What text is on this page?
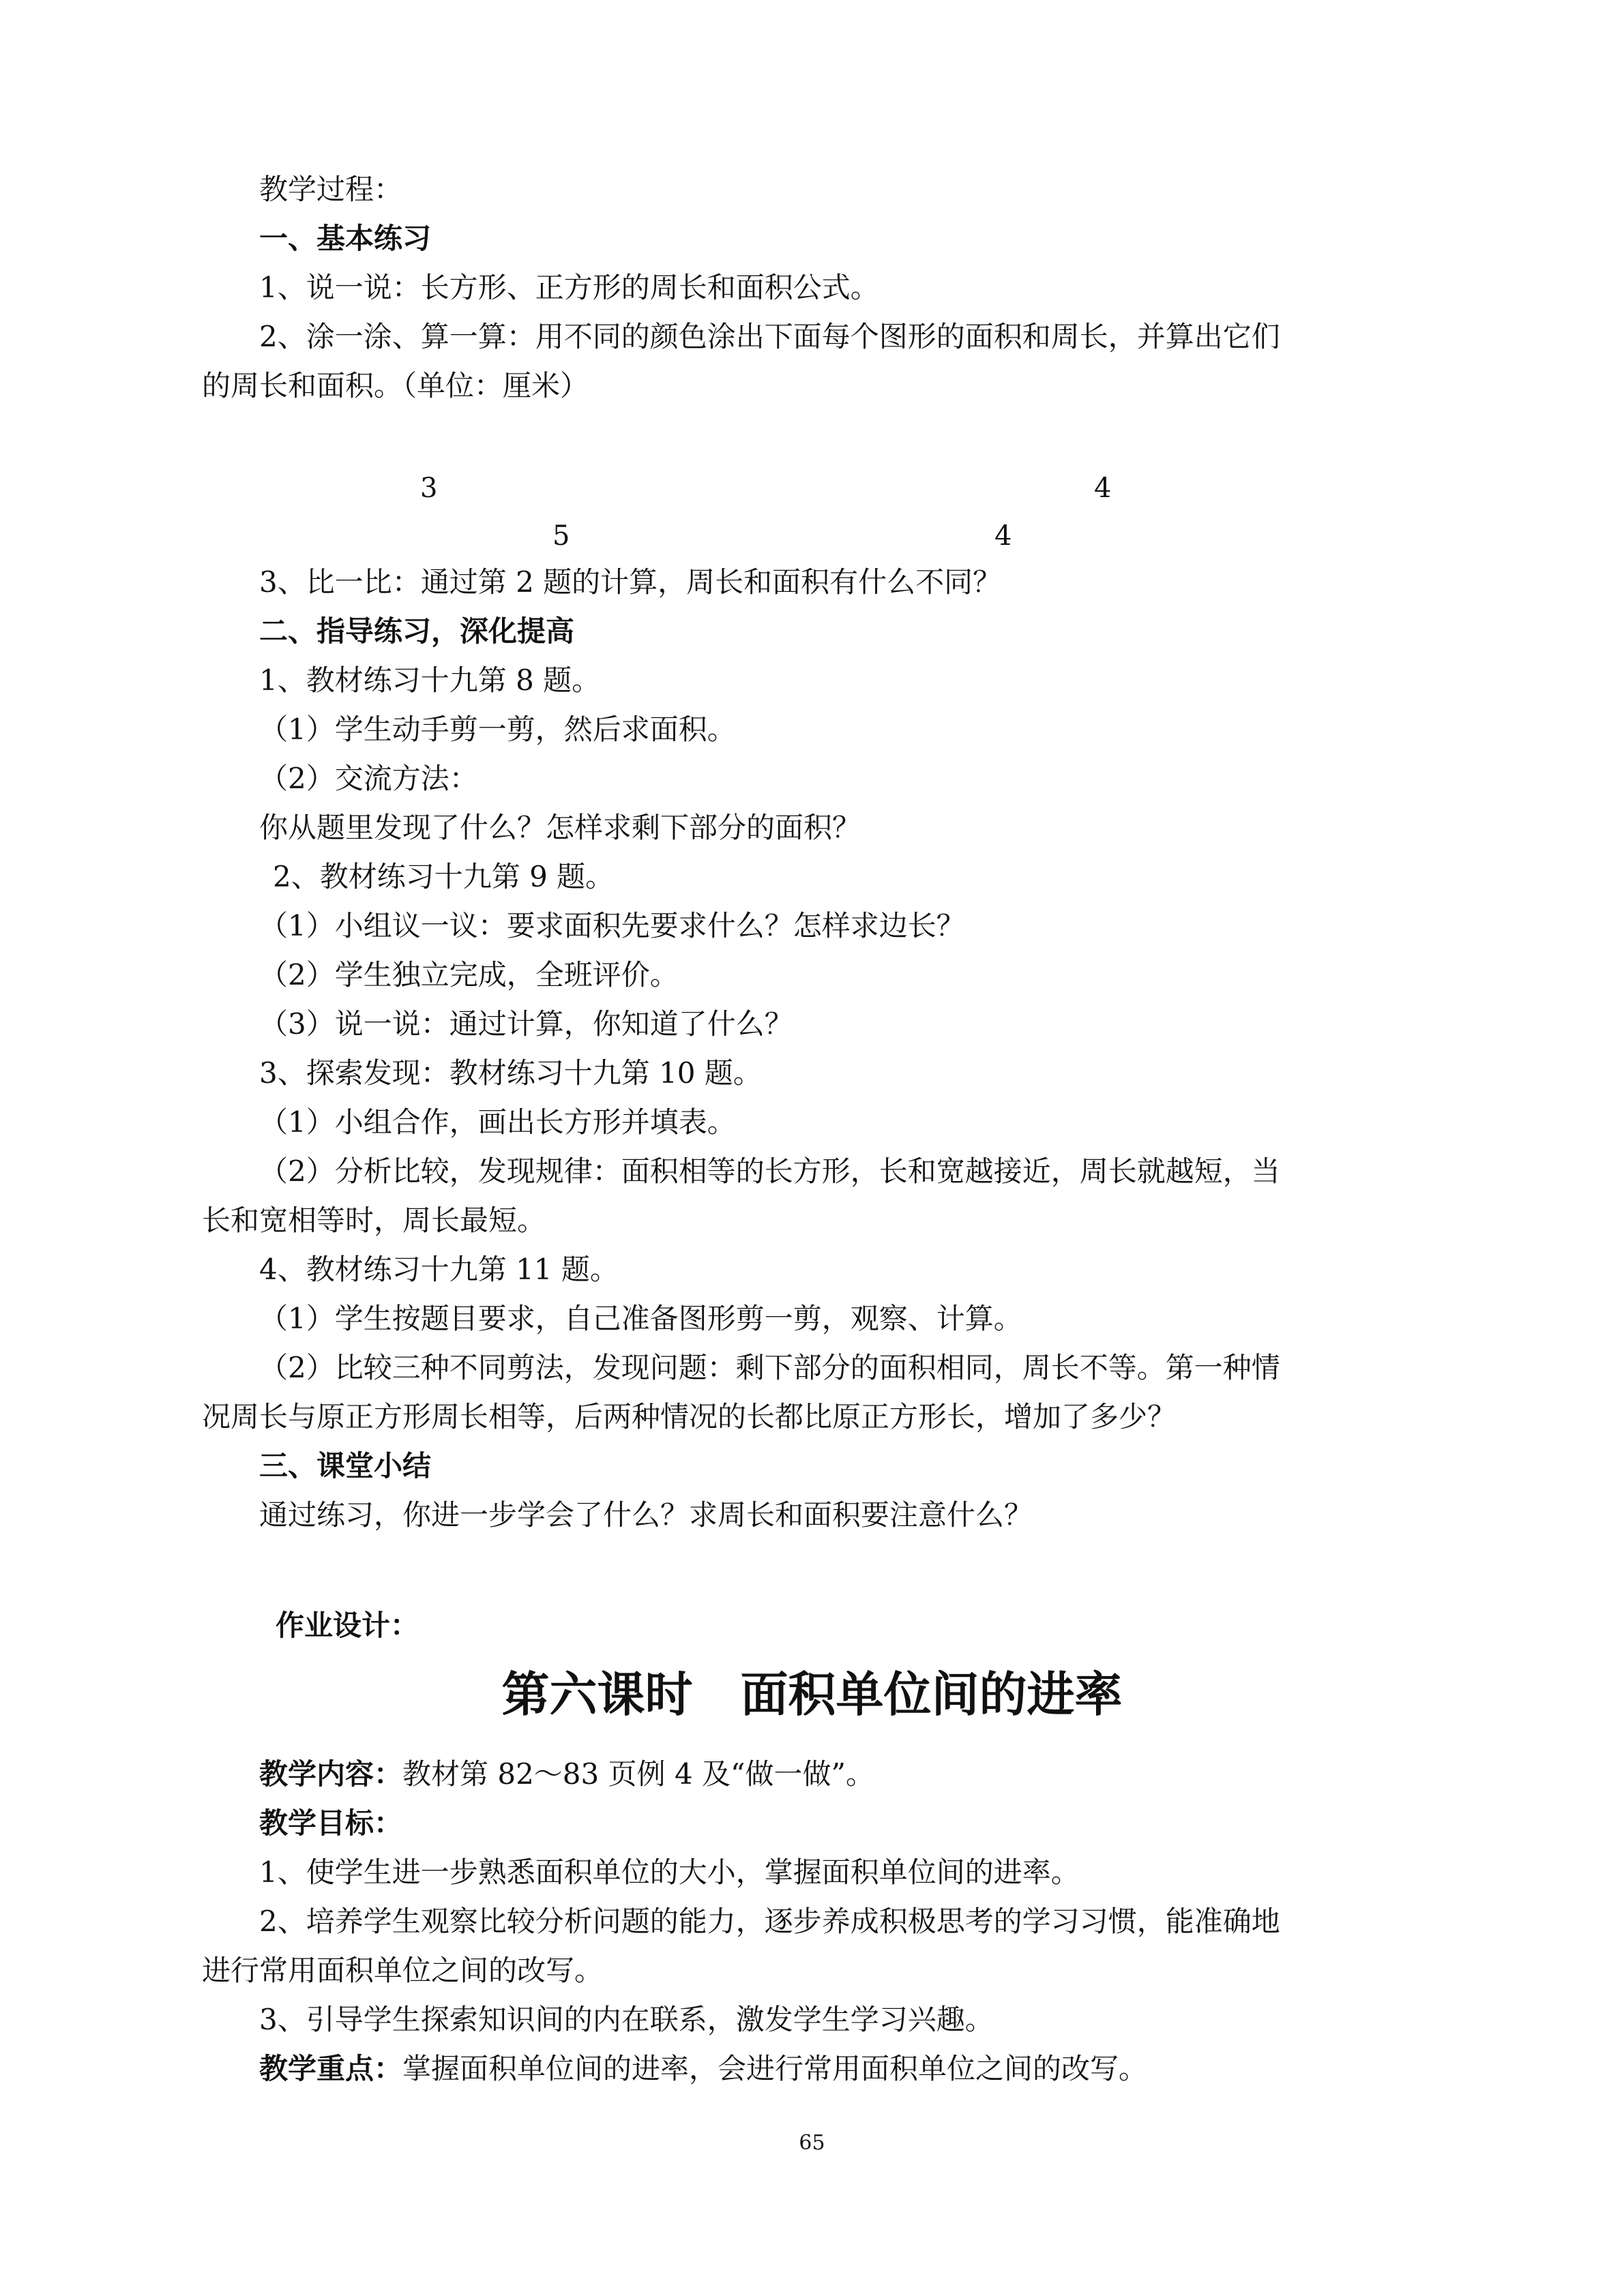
教学过程：
一、基本练习
1、说一说：长方形、正方形的周长和面积公式。
2、涂一涂、算一算：用不同的颜色涂出下面每个图形的面积和周长，并算出它们
的周长和面积。（单位：厘米）
3	4
5	4
3、比一比：通过第 2 题的计算，周长和面积有什么不同？
二、指导练习，深化提高
1、教材练习十九第 8 题。
（1）学生动手剪一剪，然后求面积。
（2）交流方法：
你从题里发现了什么？怎样求剩下部分的面积？
2、教材练习十九第 9 题。
（1）小组议一议：要求面积先要求什么？怎样求边长？
（2）学生独立完成，全班评价。
（3）说一说：通过计算，你知道了什么？
3、探索发现：教材练习十九第 10 题。
（1）小组合作，画出长方形并填表。
（2）分析比较，发现规律：面积相等的长方形，长和宽越接近，周长就越短，当
长和宽相等时，周长最短。
4、教材练习十九第 11 题。
（1）学生按题目要求，自己准备图形剪一剪，观察、计算。
（2）比较三种不同剪法，发现问题：剩下部分的面积相同，周长不等。第一种情
况周长与原正方形周长相等，后两种情况的长都比原正方形长，增加了多少？
三、课堂小结
通过练习，你进一步学会了什么？求周长和面积要注意什么？
作业设计：
第六课时　面积单位间的进率
教学内容：教材第 82～83 页例 4 及“做一做”。
教学目标：
1、使学生进一步熟悉面积单位的大小，掌握面积单位间的进率。
2、培养学生观察比较分析问题的能力，逐步养成积极思考的学习习惯，能准确地
进行常用面积单位之间的改写。
3、引导学生探索知识间的内在联系，激发学生学习兴趣。
教学重点：掌握面积单位间的进率，会进行常用面积单位之间的改写。
65
